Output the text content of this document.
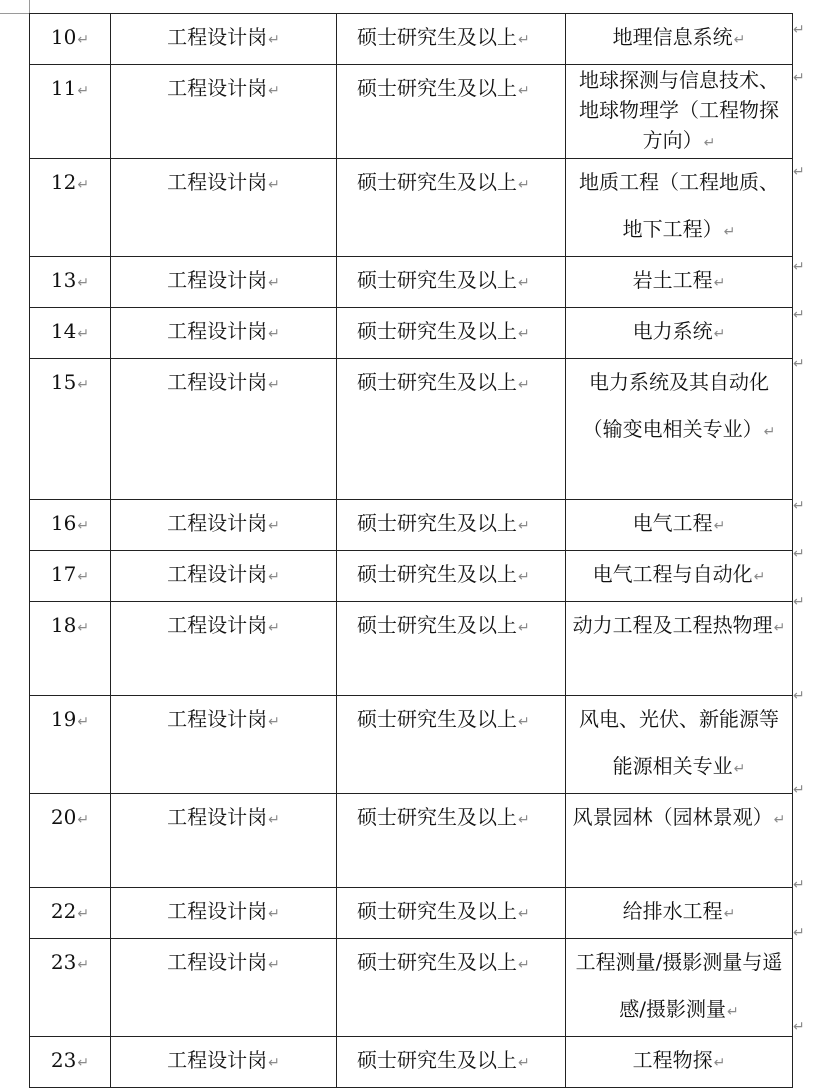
10↵	工程设计岗↵	硕士研究生及以上↵	地理信息系统↵
11↵	工程设计岗↵	硕士研究生及以上↵	地球探测与信息技术、地球物理学（工程物探方向）↵
12↵	工程设计岗↵	硕士研究生及以上↵	地质工程（工程地质、地下工程）↵
13↵	工程设计岗↵	硕士研究生及以上↵	岩土工程↵
14↵	工程设计岗↵	硕士研究生及以上↵	电力系统↵
15↵	工程设计岗↵	硕士研究生及以上↵	电力系统及其自动化（输变电相关专业）↵
16↵	工程设计岗↵	硕士研究生及以上↵	电气工程↵
17↵	工程设计岗↵	硕士研究生及以上↵	电气工程与自动化↵
18↵	工程设计岗↵	硕士研究生及以上↵	动力工程及工程热物理↵
19↵	工程设计岗↵	硕士研究生及以上↵	风电、光伏、新能源等能源相关专业↵
20↵	工程设计岗↵	硕士研究生及以上↵	风景园林（园林景观）↵
22↵	工程设计岗↵	硕士研究生及以上↵	给排水工程↵
23↵	工程设计岗↵	硕士研究生及以上↵	工程测量/摄影测量与遥感/摄影测量↵
23↵	工程设计岗↵	硕士研究生及以上↵	工程物探↵
↵
↵
↵
↵
↵
↵
↵
↵
↵
↵
↵
↵
↵
↵
